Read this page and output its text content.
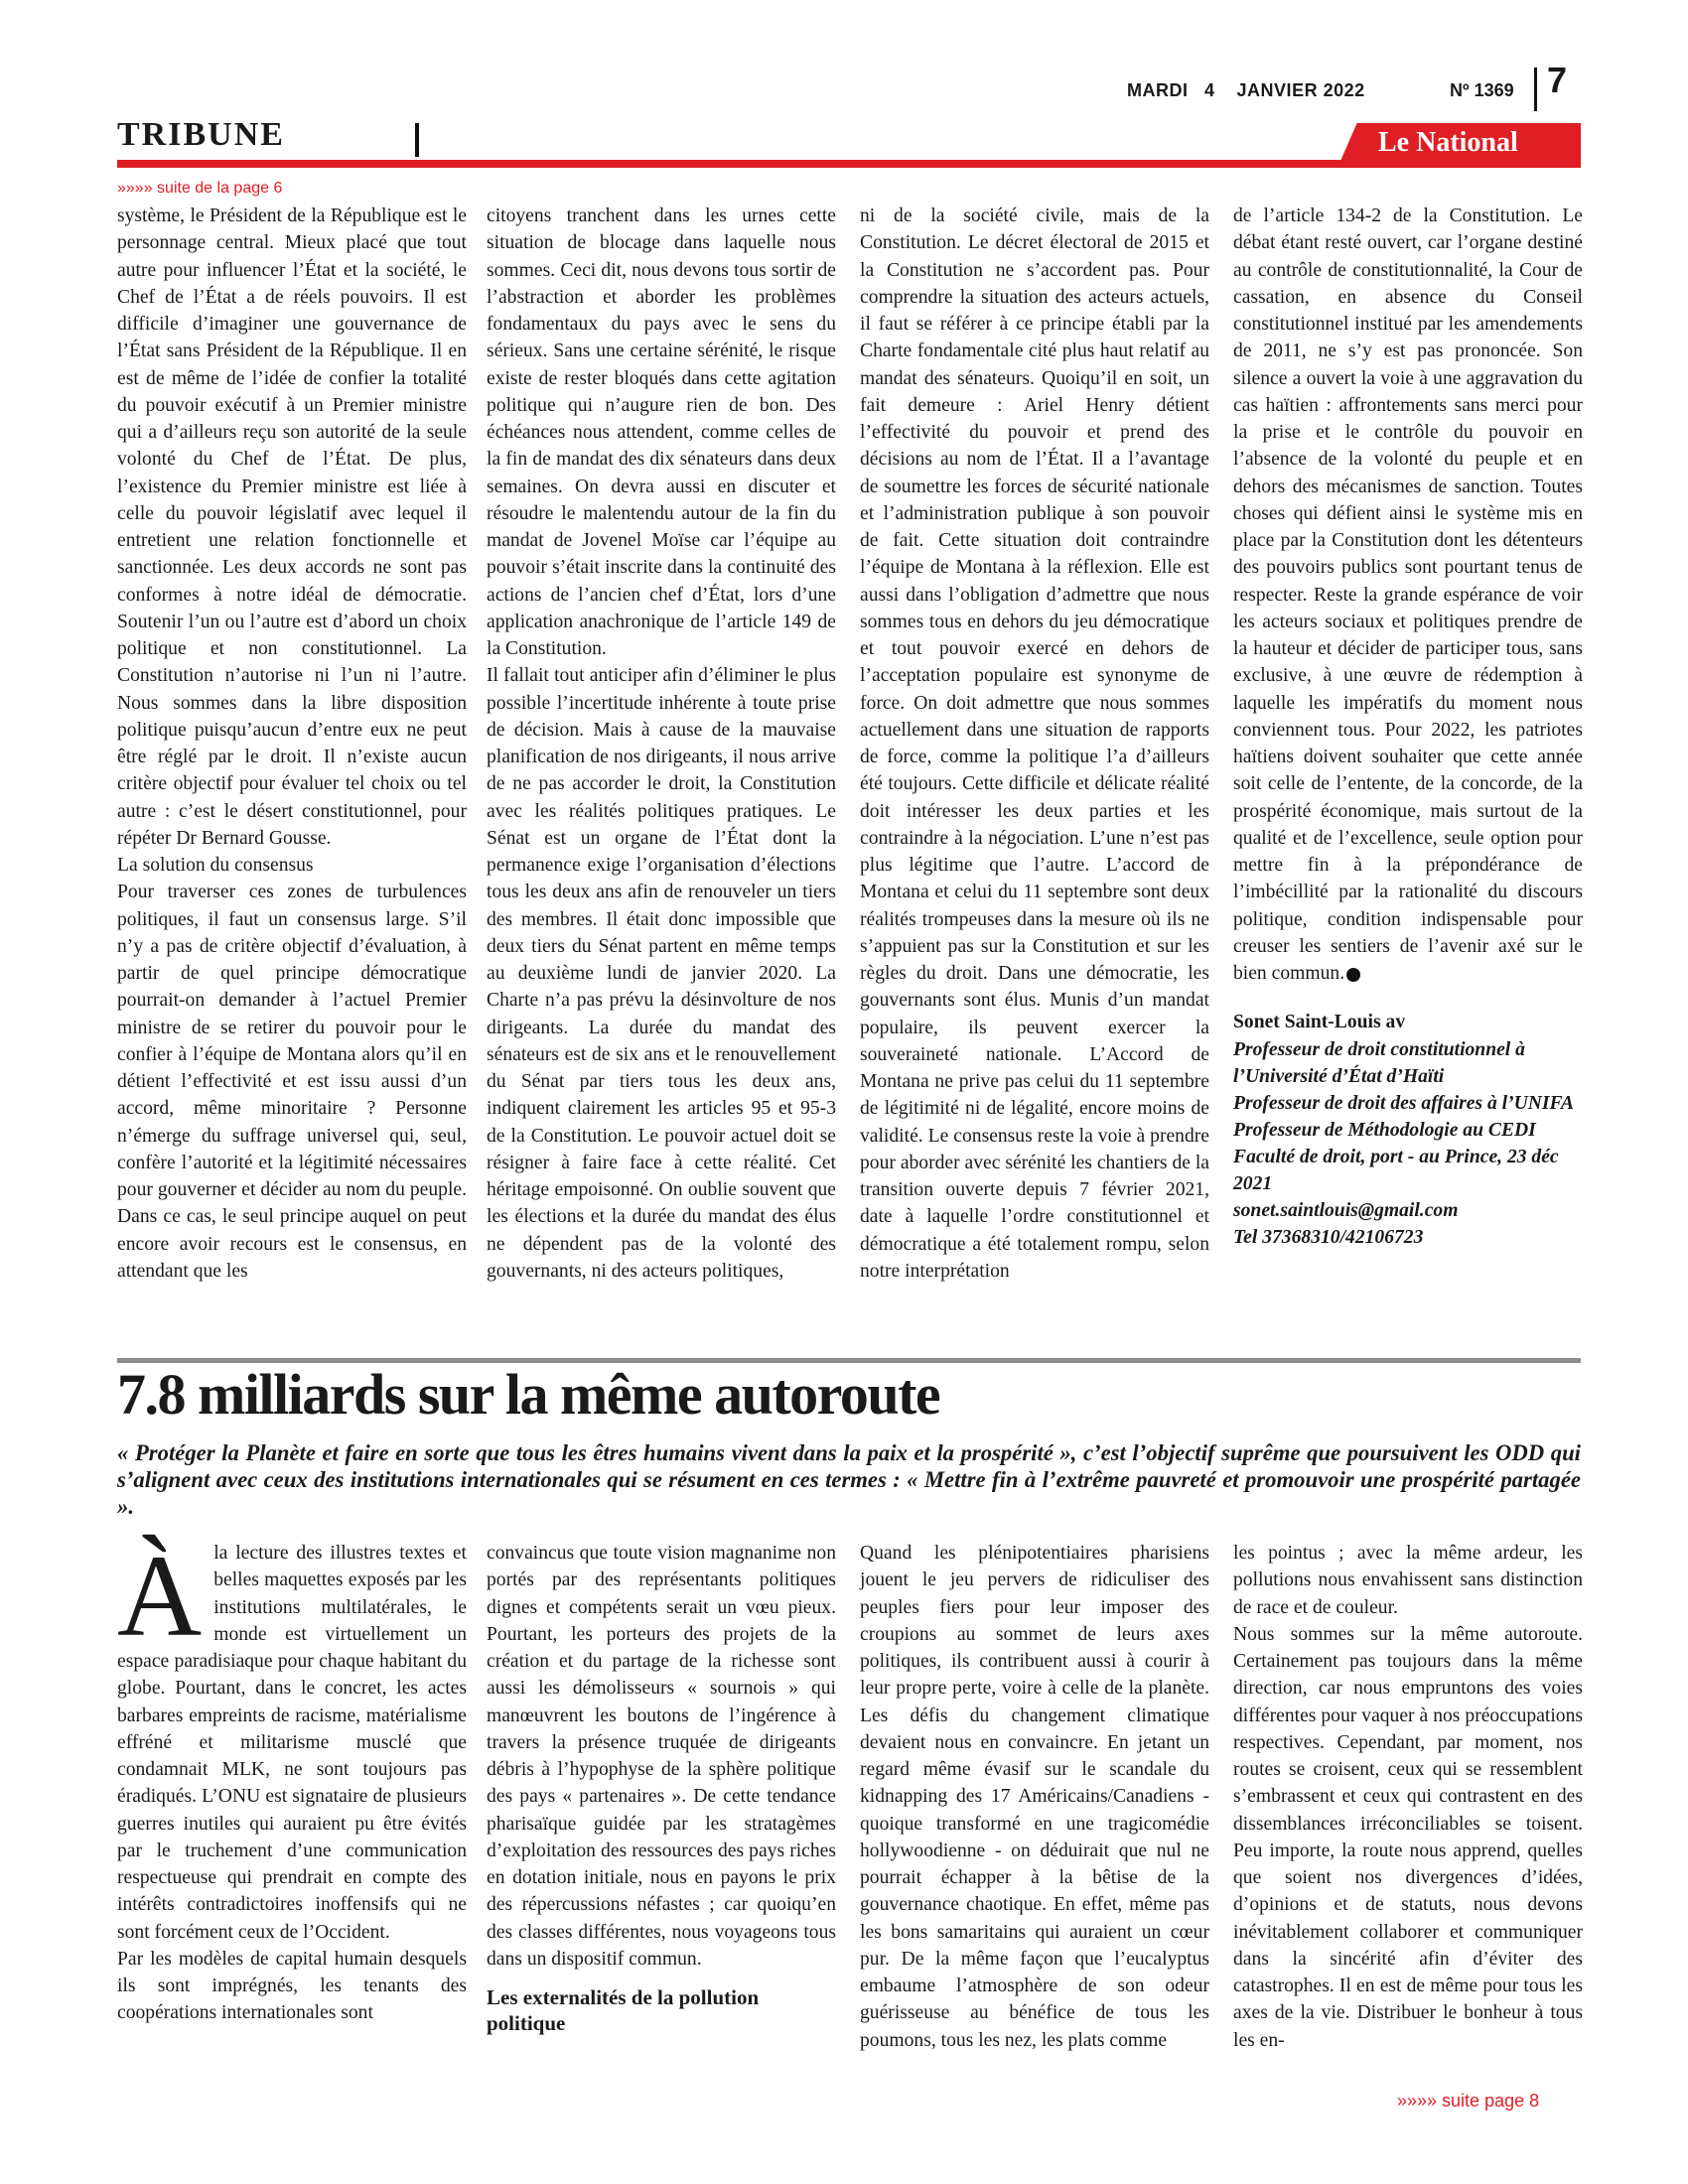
MARDI 4 JANVIER 2022	Nº 1369 7
TRIBUNE	Le National
»»»» suite de la page 6

système, le Président de la République est le personnage central. Mieux placé que tout autre pour influencer l’État et la société, le Chef de l’État a de réels pouvoirs. Il est difficile d’imaginer une gouvernance de l’État sans Président de la République. Il en est de même de l’idée de confier la totalité du pouvoir exécutif à un Premier ministre qui a d’ailleurs reçu son autorité de la seule volonté du Chef de l’État. De plus, l’existence du Premier ministre est liée à celle du pouvoir législatif avec lequel il entretient une relation fonctionnelle et sanctionnée. Les deux accords ne sont pas conformes à notre idéal de démocratie. Soutenir l’un ou l’autre est d’abord un choix politique et non constitutionnel. La Constitution n’autorise ni l’un ni l’autre. Nous sommes dans la libre disposition politique puisqu’aucun d’entre eux ne peut être réglé par le droit. Il n’existe aucun critère objectif pour évaluer tel choix ou tel autre : c’est le désert constitutionnel, pour répéter Dr Bernard Gousse.

La solution du consensus

Pour traverser ces zones de turbulences politiques, il faut un consensus large. S’il n’y a pas de critère objectif d’évaluation, à partir de quel principe démocratique pourrait-on demander à l’actuel Premier ministre de se retirer du pouvoir pour le confier à l’équipe de Montana alors qu’il en détient l’effectivité et est issu aussi d’un accord, même minoritaire ? Personne n’émerge du suffrage universel qui, seul, confère l’autorité et la légitimité nécessaires pour gouverner et décider au nom du peuple. Dans ce cas, le seul principe auquel on peut encore avoir recours est le consensus, en attendant que les

citoyens tranchent dans les urnes cette situation de blocage dans laquelle nous sommes. Ceci dit, nous devons tous sortir de l’abstraction et aborder les problèmes fondamentaux du pays avec le sens du sérieux. Sans une certaine sérénité, le risque existe de rester bloqués dans cette agitation politique qui n’augure rien de bon. Des échéances nous attendent, comme celles de la fin de mandat des dix sénateurs dans deux semaines. On devra aussi en discuter et résoudre le malentendu autour de la fin du mandat de Jovenel Moïse car l’équipe au pouvoir s’était inscrite dans la continuité des actions de l’ancien chef d’État, lors d’une application anachronique de l’article 149 de la Constitution.

Il fallait tout anticiper afin d’éliminer le plus possible l’incertitude inhérente à toute prise de décision. Mais à cause de la mauvaise planification de nos dirigeants, il nous arrive de ne pas accorder le droit, la Constitution avec les réalités politiques pratiques. Le Sénat est un organe de l’État dont la permanence exige l’organisation d’élections tous les deux ans afin de renouveler un tiers des membres. Il était donc impossible que deux tiers du Sénat partent en même temps au deuxième lundi de janvier 2020. La Charte n’a pas prévu la désinvolture de nos dirigeants. La durée du mandat des sénateurs est de six ans et le renouvellement du Sénat par tiers tous les deux ans, indiquent clairement les articles 95 et 95-3 de la Constitution. Le pouvoir actuel doit se résigner à faire face à cette réalité. Cet héritage empoisonné. On oublie souvent que les élections et la durée du mandat des élus ne dépendent pas de la volonté des gouvernants, ni des acteurs politiques,

ni de la société civile, mais de la Constitution. Le décret électoral de 2015 et la Constitution ne s’accordent pas. Pour comprendre la situation des acteurs actuels, il faut se référer à ce principe établi par la Charte fondamentale cité plus haut relatif au mandat des sénateurs. Quoiqu’il en soit, un fait demeure : Ariel Henry détient l’effectivité du pouvoir et prend des décisions au nom de l’État. Il a l’avantage de soumettre les forces de sécurité nationale et l’administration publique à son pouvoir de fait. Cette situation doit contraindre l’équipe de Montana à la réflexion. Elle est aussi dans l’obligation d’admettre que nous sommes tous en dehors du jeu démocratique et tout pouvoir exercé en dehors de l’acceptation populaire est synonyme de force. On doit admettre que nous sommes actuellement dans une situation de rapports de force, comme la politique l’a d’ailleurs été toujours. Cette difficile et délicate réalité doit intéresser les deux parties et les contraindre à la négociation. L’une n’est pas plus légitime que l’autre. L’accord de Montana et celui du 11 septembre sont deux réalités trompeuses dans la mesure où ils ne s’appuient pas sur la Constitution et sur les règles du droit. Dans une démocratie, les gouvernants sont élus. Munis d’un mandat populaire, ils peuvent exercer la souveraineté nationale. L’Accord de Montana ne prive pas celui du 11 septembre de légitimité ni de légalité, encore moins de validité. Le consensus reste la voie à prendre pour aborder avec sérénité les chantiers de la transition ouverte depuis 7 février 2021, date à laquelle l’ordre constitutionnel et démocratique a été totalement rompu, selon notre interprétation

de l’article 134-2 de la Constitution. Le débat étant resté ouvert, car l’organe destiné au contrôle de constitutionnalité, la Cour de cassation, en absence du Conseil constitutionnel institué par les amendements de 2011, ne s’y est pas prononcée. Son silence a ouvert la voie à une aggravation du cas haïtien : affrontements sans merci pour la prise et le contrôle du pouvoir en l’absence de la volonté du peuple et en dehors des mécanismes de sanction. Toutes choses qui défient ainsi le système mis en place par la Constitution dont les détenteurs des pouvoirs publics sont pourtant tenus de respecter. Reste la grande espérance de voir les acteurs sociaux et politiques prendre de la hauteur et décider de participer tous, sans exclusive, à une œuvre de rédemption à laquelle les impératifs du moment nous conviennent tous. Pour 2022, les patriotes haïtiens doivent souhaiter que cette année soit celle de l’entente, de la concorde, de la prospérité économique, mais surtout de la qualité et de l’excellence, seule option pour mettre fin à la prépondérance de l’imbécillité par la rationalité du discours politique, condition indispensable pour creuser les sentiers de l’avenir axé sur le bien commun.

Sonet Saint-Louis av

Professeur de droit constitutionnel à l’Université d’État d’Haïti

Professeur de droit des affaires à l’UNIFA

Professeur de Méthodologie au CEDI

Faculté de droit, port - au Prince, 23 déc 2021

sonet.saintlouis@gmail.com

Tel 37368310/42106723

7.8 milliards sur la même autoroute
« Protéger la Planète et faire en sorte que tous les êtres humains vivent dans la paix et la prospérité », c’est l’objectif suprême que poursuivent les ODD qui s’alignent avec ceux des institutions internationales qui se résument en ces termes : « Mettre fin à l’extrême pauvreté et promouvoir une prospérité partagée ».

Àla lecture des illustres textes et belles maquettes exposés par les institutions multilatérales, le monde est virtuellement un espace paradisiaque pour chaque habitant du globe. Pourtant, dans le concret, les actes barbares empreints de racisme, matérialisme effréné et militarisme musclé que condamnait MLK, ne sont toujours pas éradiqués. L’ONU est signataire de plusieurs guerres inutiles qui auraient pu être évités par le truchement d’une communication respectueuse qui prendrait en compte des intérêts contradictoires inoffensifs qui ne sont forcément ceux de l’Occident.

Par les modèles de capital humain desquels ils sont imprégnés, les tenants des coopérations internationales sont

convaincus que toute vision magnanime non portés par des représentants politiques dignes et compétents serait un vœu pieux. Pourtant, les porteurs des projets de la création et du partage de la richesse sont aussi les démolisseurs « sournois » qui manœuvrent les boutons de l’ingérence à travers la présence truquée de dirigeants débris à l’hypophyse de la sphère politique des pays « partenaires ». De cette tendance pharisaïque guidée par les stratagèmes d’exploitation des ressources des pays riches en dotation initiale, nous en payons le prix des répercussions néfastes ; car quoiqu’en des classes différentes, nous voyageons tous dans un dispositif commun.

Les externalités de la pollution politique

Quand les plénipotentiaires pharisiens jouent le jeu pervers de ridiculiser des peuples fiers pour leur imposer des croupions au sommet de leurs axes politiques, ils contribuent aussi à courir à leur propre perte, voire à celle de la planète. Les défis du changement climatique devaient nous en convaincre. En jetant un regard même évasif sur le scandale du kidnapping des 17 Américains/Canadiens - quoique transformé en une tragicomédie hollywoodienne - on déduirait que nul ne pourrait échapper à la bêtise de la gouvernance chaotique. En effet, même pas les bons samaritains qui auraient un cœur pur. De la même façon que l’eucalyptus embaume l’atmosphère de son odeur guérisseuse au bénéfice de tous les poumons, tous les nez, les plats comme

les pointus ; avec la même ardeur, les pollutions nous envahissent sans distinction de race et de couleur.

Nous sommes sur la même autoroute. Certainement pas toujours dans la même direction, car nous empruntons des voies différentes pour vaquer à nos préoccupations respectives. Cependant, par moment, nos routes se croisent, ceux qui se ressemblent s’embrassent et ceux qui contrastent en des dissemblances irréconciliables se toisent. Peu importe, la route nous apprend, quelles que soient nos divergences d’idées, d’opinions et de statuts, nous devons inévitablement collaborer et communiquer dans la sincérité afin d’éviter des catastrophes. Il en est de même pour tous les axes de la vie. Distribuer le bonheur à tous les en-

»»»» suite page 8
